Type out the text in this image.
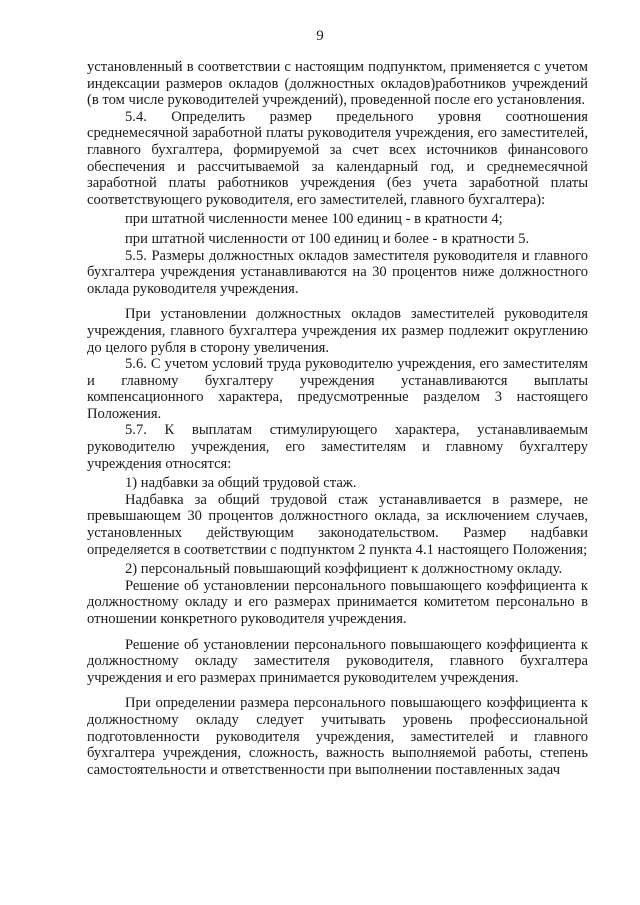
9

установленный в соответствии с настоящим подпунктом, применяется с учетом индексации размеров окладов (должностных окладов)работников учреждений (в том числе руководителей учреждений), проведенной после его установления.

5.4. Определить размер предельного уровня соотношения среднемесячной заработной платы руководителя учреждения, его заместителей, главного бухгалтера, формируемой за счет всех источников финансового обеспечения и рассчитываемой за календарный год, и среднемесячной заработной платы работников учреждения (без учета заработной платы соответствующего руководителя, его заместителей, главного бухгалтера):

при штатной численности менее 100 единиц - в кратности 4;

при штатной численности от 100 единиц и более - в кратности 5.

5.5. Размеры должностных окладов заместителя руководителя и главного бухгалтера учреждения устанавливаются на 30 процентов ниже должностного оклада руководителя учреждения.

При установлении должностных окладов заместителей руководителя учреждения, главного бухгалтера учреждения их размер подлежит округлению до целого рубля в сторону увеличения.

5.6. С учетом условий труда руководителю учреждения, его заместителям и главному бухгалтеру учреждения устанавливаются выплаты компенсационного характера, предусмотренные разделом 3 настоящего Положения.

5.7. К выплатам стимулирующего характера, устанавливаемым руководителю учреждения, его заместителям и главному бухгалтеру учреждения относятся:

1) надбавки за общий трудовой стаж.

Надбавка за общий трудовой стаж устанавливается в размере, не превышающем 30 процентов должностного оклада, за исключением случаев, установленных действующим законодательством. Размер надбавки определяется в соответствии с подпунктом 2 пункта 4.1 настоящего Положения;

2) персональный повышающий коэффициент к должностному окладу.

Решение об установлении персонального повышающего коэффициента к должностному окладу и его размерах принимается комитетом персонально в отношении конкретного руководителя учреждения.

Решение об установлении персонального повышающего коэффициента к должностному окладу заместителя руководителя, главного бухгалтера учреждения и его размерах принимается руководителем учреждения.

При определении размера персонального повышающего коэффициента к должностному окладу следует учитывать уровень профессиональной подготовленности руководителя учреждения, заместителей и главного бухгалтера учреждения, сложность, важность выполняемой работы, степень самостоятельности и ответственности при выполнении поставленных задач
